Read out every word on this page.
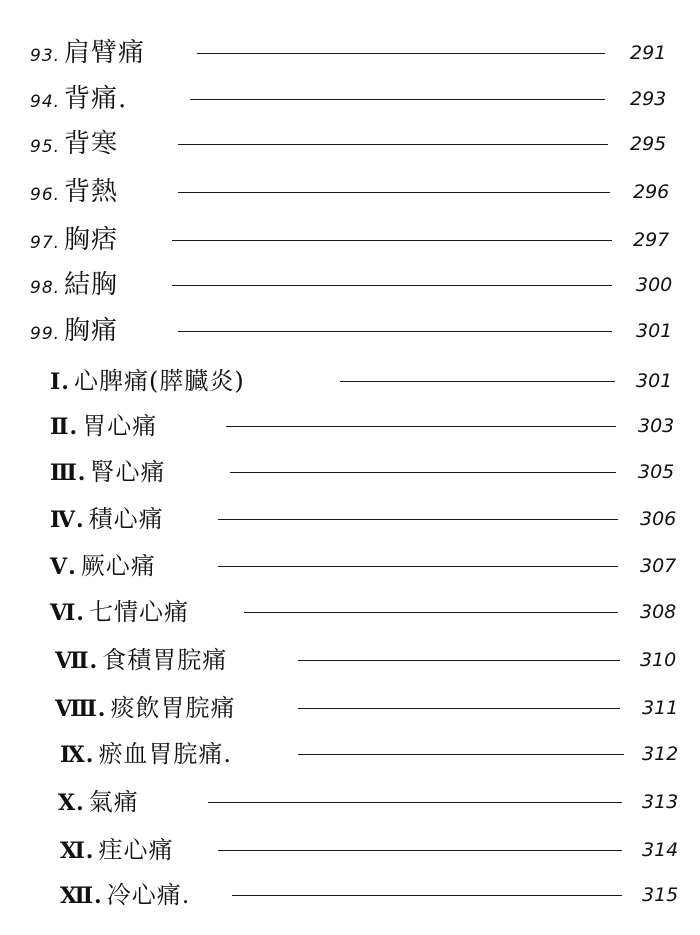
93. 肩臂痛	291
94. 背痛.	293
95. 背寒	295
96. 背熱	296
97. 胸痞	297
98. 結胸	300
99. 胸痛	301
Ⅰ. 心脾痛(膵臓炎)	301
Ⅱ. 胃心痛	303
Ⅲ. 腎心痛	305
Ⅳ. 積心痛	306
Ⅴ. 厥心痛	307
Ⅵ. 七情心痛	308
Ⅶ. 食積胃脘痛	310
Ⅷ. 痰飲胃脘痛	311
Ⅸ. 瘀血胃脘痛.	312
Ⅹ. 氣痛	313
Ⅺ. 疰心痛	314
Ⅻ. 冷心痛.	315
